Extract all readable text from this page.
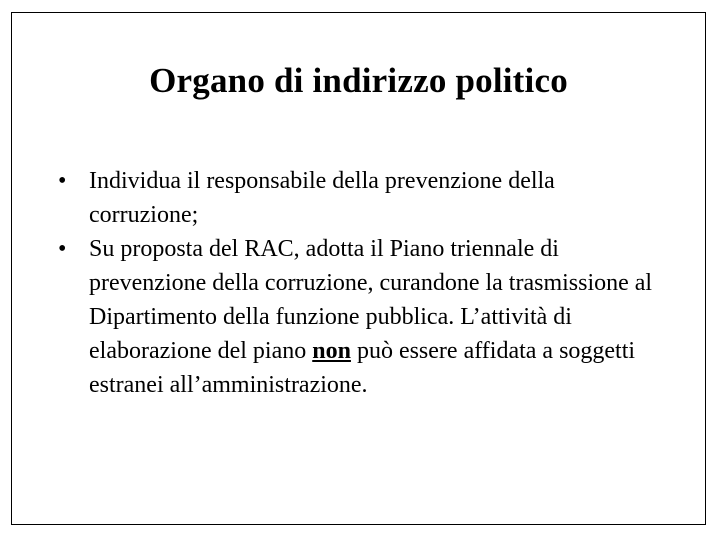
Organo di indirizzo politico
• Individua il responsabile della prevenzione della corruzione;
• Su proposta del RAC, adotta il Piano triennale di prevenzione della corruzione, curandone la trasmissione al Dipartimento della funzione pubblica. L’attività di elaborazione del piano non può essere affidata a soggetti estranei all’amministrazione.
